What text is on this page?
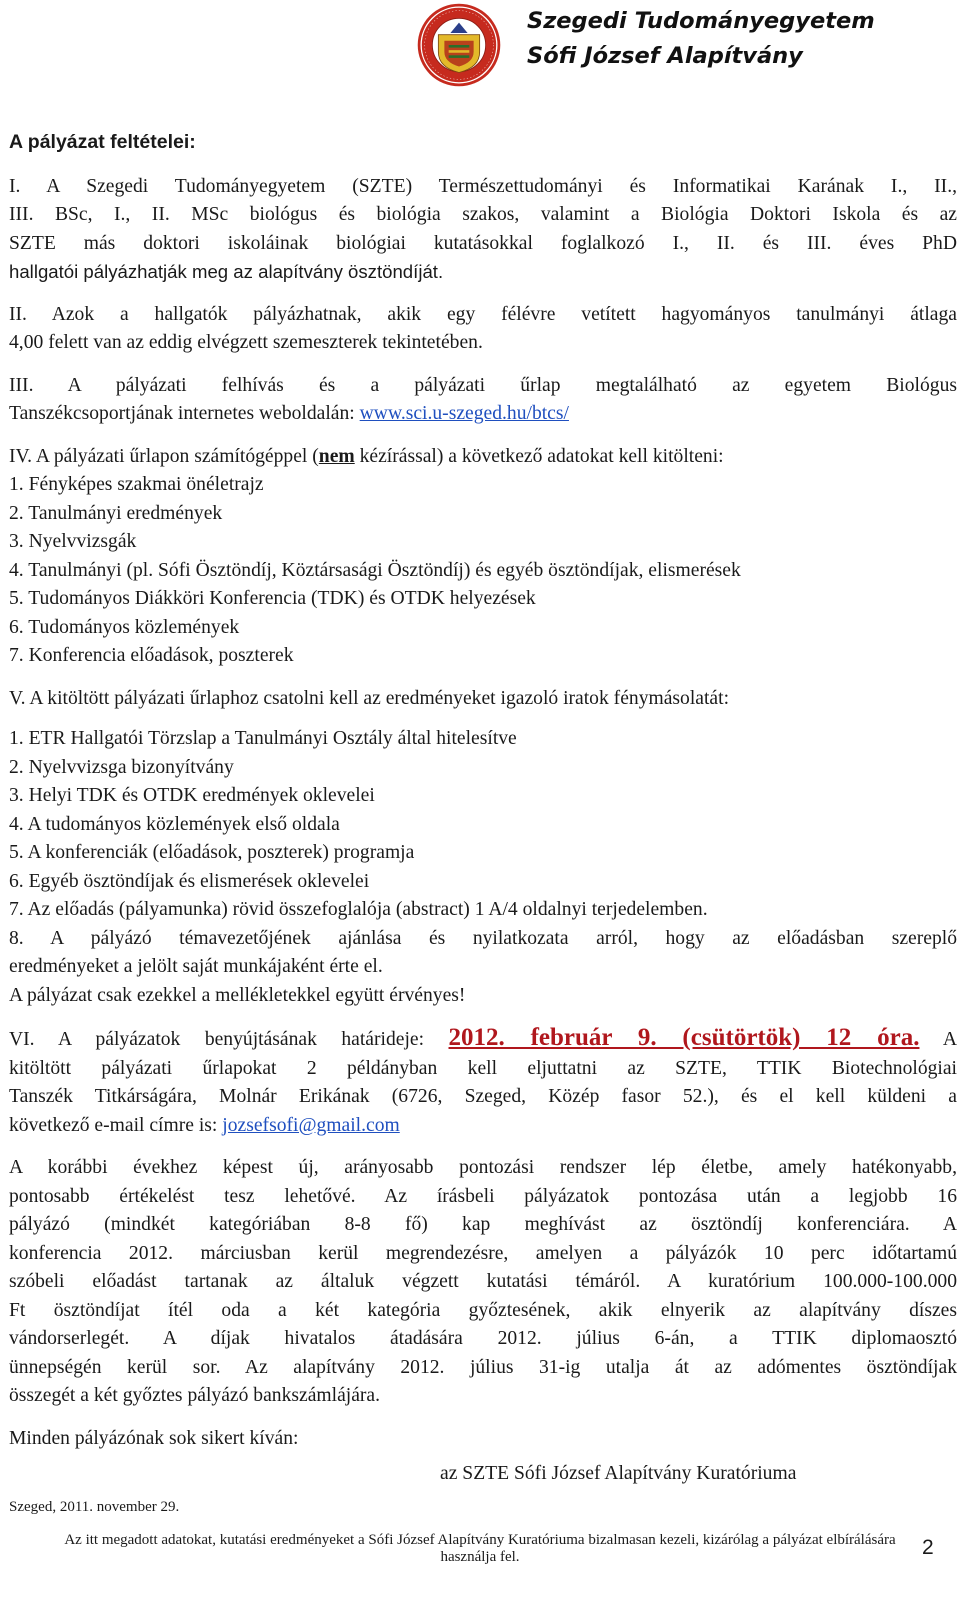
Szegedi Tudományegyetem
Sófi József Alapítvány

A pályázat feltételei:

I. A Szegedi Tudományegyetem (SZTE) Természettudományi és Informatikai Karának I., II.,

III. BSc, I., II. MSc biológus és biológia szakos, valamint a Biológia Doktori Iskola és az

SZTE más doktori iskoláinak biológiai kutatásokkal foglalkozó I., II. és III. éves PhD

hallgatói pályázhatják meg az alapítvány ösztöndíját.

II. Azok a hallgatók pályázhatnak, akik egy félévre vetített hagyományos tanulmányi átlaga

4,00 felett van az eddig elvégzett szemeszterek tekintetében.

III. A pályázati felhívás és a pályázati űrlap megtalálható az egyetem Biológus

Tanszékcsoportjának internetes weboldalán: www.sci.u-szeged.hu/btcs/

IV. A pályázati űrlapon számítógéppel (nem kézírással) a következő adatokat kell kitölteni:

1. Fényképes szakmai önéletrajz

2. Tanulmányi eredmények

3. Nyelvvizsgák

4. Tanulmányi (pl. Sófi Ösztöndíj, Köztársasági Ösztöndíj) és egyéb ösztöndíjak, elismerések

5. Tudományos Diákköri Konferencia (TDK) és OTDK helyezések

6. Tudományos közlemények

7. Konferencia előadások, poszterek

V. A kitöltött pályázati űrlaphoz csatolni kell az eredményeket igazoló iratok fénymásolatát:

1. ETR Hallgatói Törzslap a Tanulmányi Osztály által hitelesítve

2. Nyelvvizsga bizonyítvány

3. Helyi TDK és OTDK eredmények oklevelei

4. A tudományos közlemények első oldala

5. A konferenciák (előadások, poszterek) programja

6. Egyéb ösztöndíjak és elismerések oklevelei

7. Az előadás (pályamunka) rövid összefoglalója (abstract) 1 A/4 oldalnyi terjedelemben.

8. A pályázó témavezetőjének ajánlása és nyilatkozata arról, hogy az előadásban szereplő

eredményeket a jelölt saját munkájaként érte el.

A pályázat csak ezekkel a mellékletekkel együtt érvényes!

VI. A pályázatok benyújtásának határideje: 2012. február 9. (csütörtök) 12 óra. A

kitöltött pályázati űrlapokat 2 példányban kell eljuttatni az SZTE, TTIK Biotechnológiai

Tanszék Titkárságára, Molnár Erikának (6726, Szeged, Közép fasor 52.), és el kell küldeni a

következő e-mail címre is: jozsefsofi@gmail.com

A korábbi évekhez képest új, arányosabb pontozási rendszer lép életbe, amely hatékonyabb,

pontosabb értékelést tesz lehetővé. Az írásbeli pályázatok pontozása után a legjobb 16

pályázó (mindkét kategóriában 8-8 fő) kap meghívást az ösztöndíj konferenciára. A

konferencia 2012. márciusban kerül megrendezésre, amelyen a pályázók 10 perc időtartamú

szóbeli előadást tartanak az általuk végzett kutatási témáról. A kuratórium 100.000-100.000

Ft ösztöndíjat ítél oda a két kategória győztesének, akik elnyerik az alapítvány díszes

vándorserlegét. A díjak hivatalos átadására 2012. július 6-án, a TTIK diplomaosztó

ünnepségén kerül sor. Az alapítvány 2012. július 31-ig utalja át az adómentes ösztöndíjak

összegét a két győztes pályázó bankszámlájára.

Minden pályázónak sok sikert kíván:

az SZTE Sófi József Alapítvány Kuratóriuma
Szeged, 2011. november 29.
Az itt megadott adatokat, kutatási eredményeket a Sófi József Alapítvány Kuratóriuma bizalmasan kezeli, kizárólag a pályázat elbírálására
használja fel.	2
